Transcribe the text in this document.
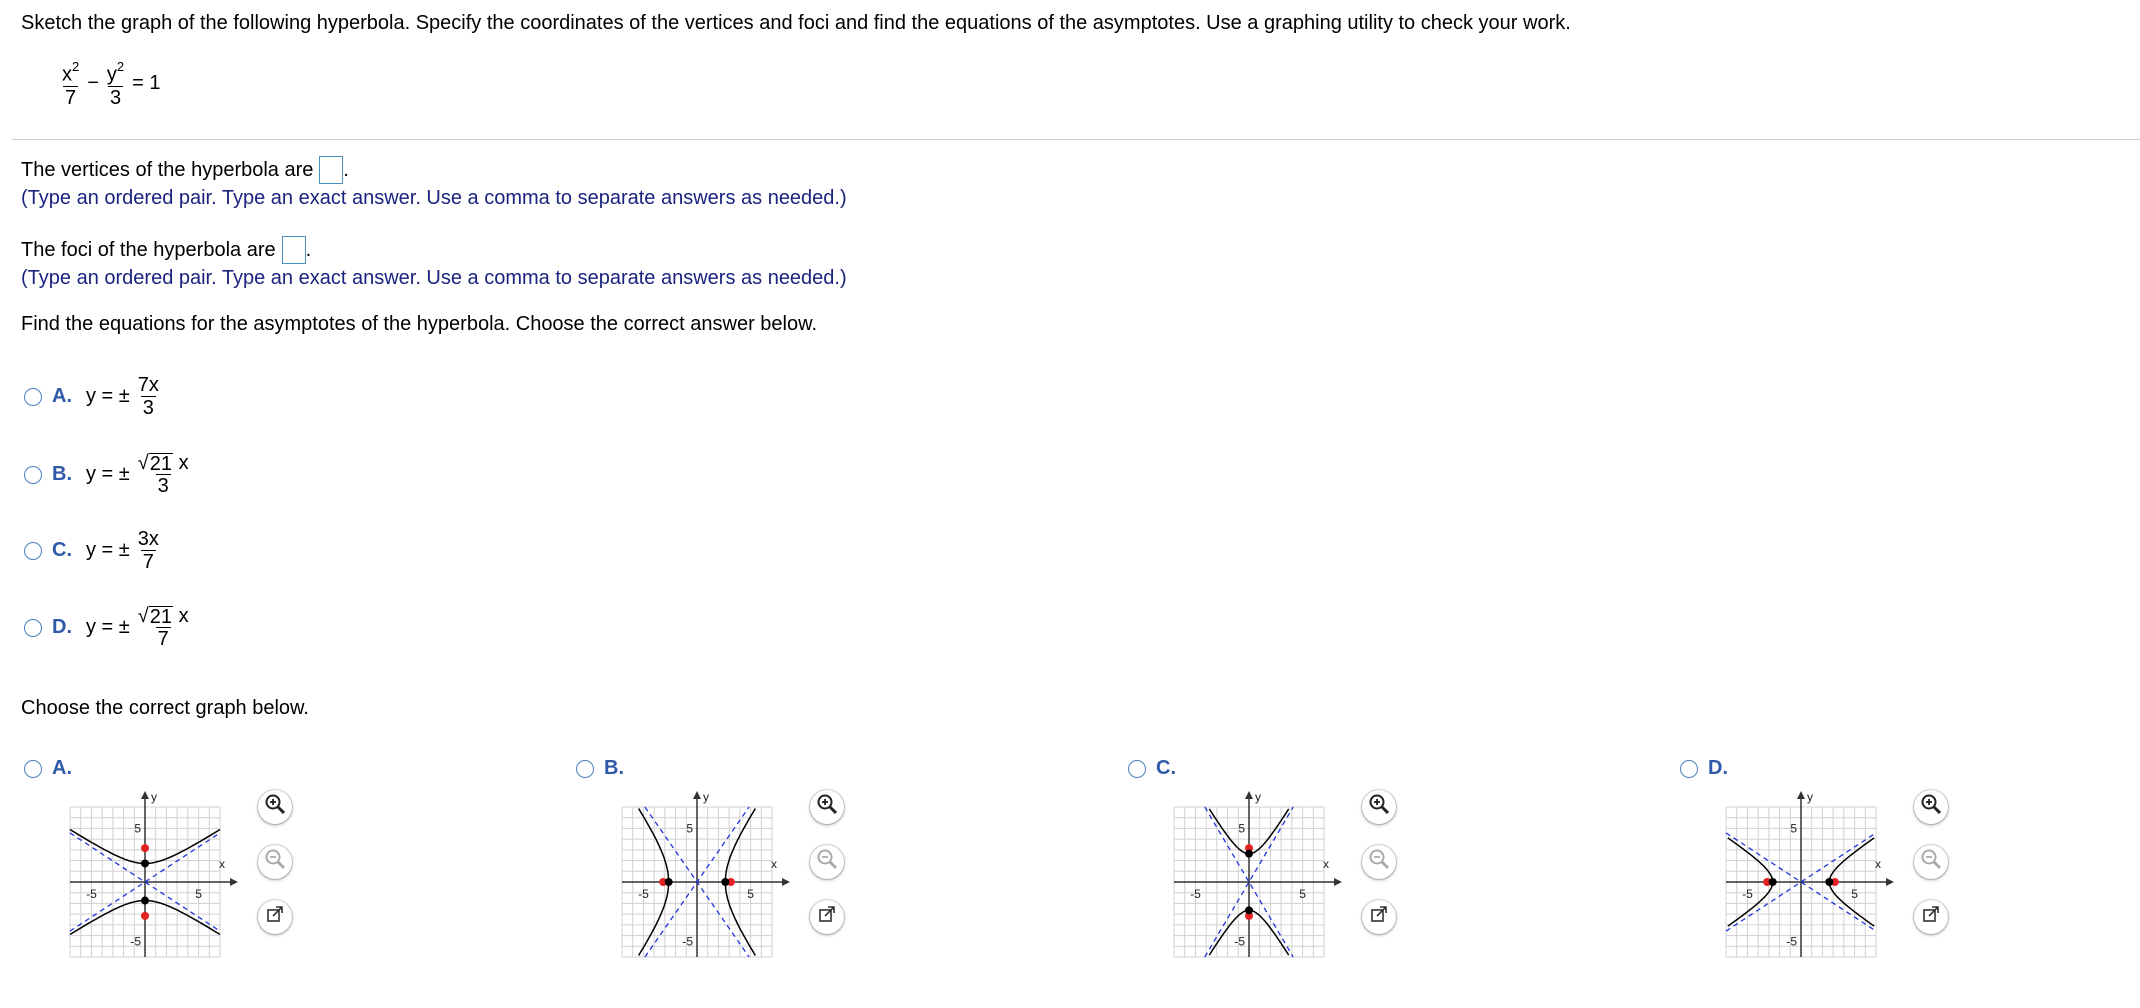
Sketch the graph of the following hyperbola. Specify the coordinates of the vertices and foci and find the equations of the asymptotes. Use a graphing utility to check your work.
$\frac{x^2}{7} - \frac{y^2}{3} = 1$
The vertices of the hyperbola are .
(Type an ordered pair. Type an exact answer. Use a comma to separate answers as needed.)
The foci of the hyperbola are .
(Type an ordered pair. Type an exact answer. Use a comma to separate answers as needed.)
Find the equations for the asymptotes of the hyperbola. Choose the correct answer below.
A. y = ± $\frac{7x}{3}$
B. y = ± $\frac{√ 21 x}{3}$
C. y = ± $\frac{3x}{7}$
D. y = ± $\frac{√ 21 x}{7}$
Choose the correct graph below.
A.	B.	C.	D.
y
x
5
-5
-5	5
y
x
5
-5
-5	5
y
x
5
-5
-5	5
y
x
5
-5
-5	5
